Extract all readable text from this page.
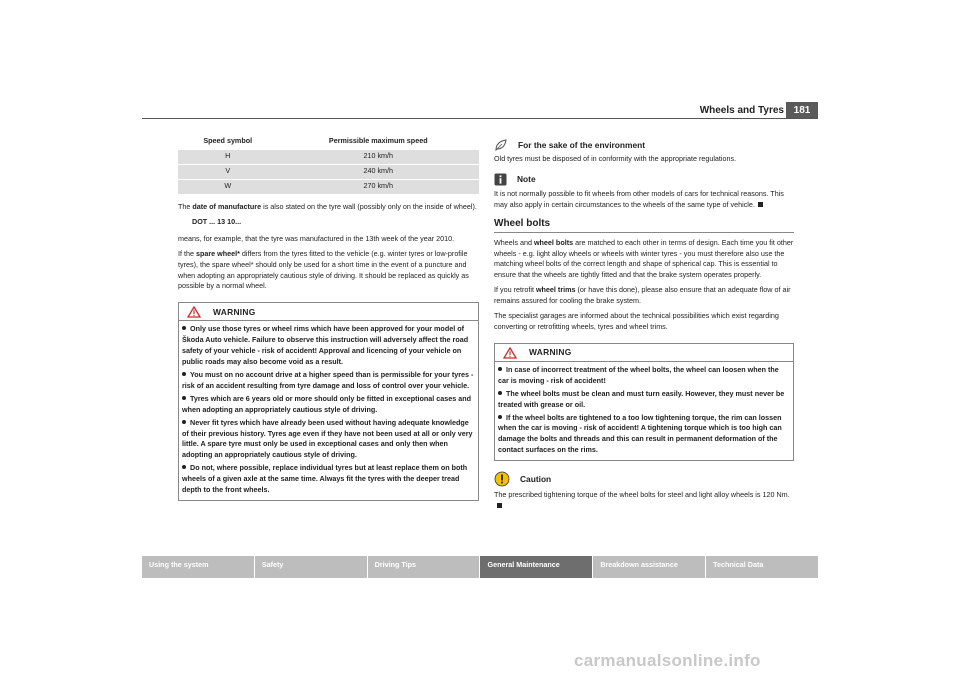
Wheels and Tyres 181
Speed symbol	Permissible maximum speed
H	210 km/h
V	240 km/h
W	270 km/h

The date of manufacture is also stated on the tyre wall (possibly only on the inside of wheel).

DOT ... 13 10...

means, for example, that the tyre was manufactured in the 13th week of the year 2010.

If the spare wheel* differs from the tyres fitted to the vehicle (e.g. winter tyres or low-profile tyres), the spare wheel* should only be used for a short time in the event of a puncture and when adopting an appropriately cautious style of driving. It should be replaced as quickly as possible by a normal wheel.

WARNING
Only use those tyres or wheel rims which have been approved for your model of Škoda Auto vehicle. Failure to observe this instruction will adversely affect the road safety of your vehicle - risk of accident! Approval and licencing of your vehicle on public roads may also become void as a result.
You must on no account drive at a higher speed than is permissible for your tyres - risk of an accident resulting from tyre damage and loss of control over your vehicle.
Tyres which are 6 years old or more should only be fitted in exceptional cases and when adopting an appropriately cautious style of driving.
Never fit tyres which have already been used without having adequate knowledge of their previous history. Tyres age even if they have not been used at all or only very little. A spare tyre must only be used in exceptional cases and only then when adopting an appropriately cautious style of driving.
Do not, where possible, replace individual tyres but at least replace them on both wheels of a given axle at the same time. Always fit the tyres with the deeper tread depth to the front wheels.
For the sake of the environment

Old tyres must be disposed of in conformity with the appropriate regulations.

Note

It is not normally possible to fit wheels from other models of cars for technical reasons. This may also apply in certain circumstances to the wheels of the same type of vehicle.

Wheel bolts

Wheels and wheel bolts are matched to each other in terms of design. Each time you fit other wheels - e.g. light alloy wheels or wheels with winter tyres - you must therefore also use the matching wheel bolts of the correct length and shape of spherical cap. This is essential to ensure that the wheels are tightly fitted and that the brake system operates properly.

If you retrofit wheel trims (or have this done), please also ensure that an adequate flow of air remains assured for cooling the brake system.

The specialist garages are informed about the technical possibilities which exist regarding converting or retrofitting wheels, tyres and wheel trims.

WARNING
In case of incorrect treatment of the wheel bolts, the wheel can loosen when the car is moving - risk of accident!
The wheel bolts must be clean and must turn easily. However, they must never be treated with grease or oil.
If the wheel bolts are tightened to a too low tightening torque, the rim can lossen when the car is moving - risk of accident! A tightening torque which is too high can damage the bolts and threads and this can result in permanent deformation of the contact surfaces on the rims.
Caution

The prescribed tightening torque of the wheel bolts for steel and light alloy wheels is 120 Nm.

Using the system	Safety	Driving Tips	General Maintenance	Breakdown assistance	Technical Data
carmanualsonline.info
